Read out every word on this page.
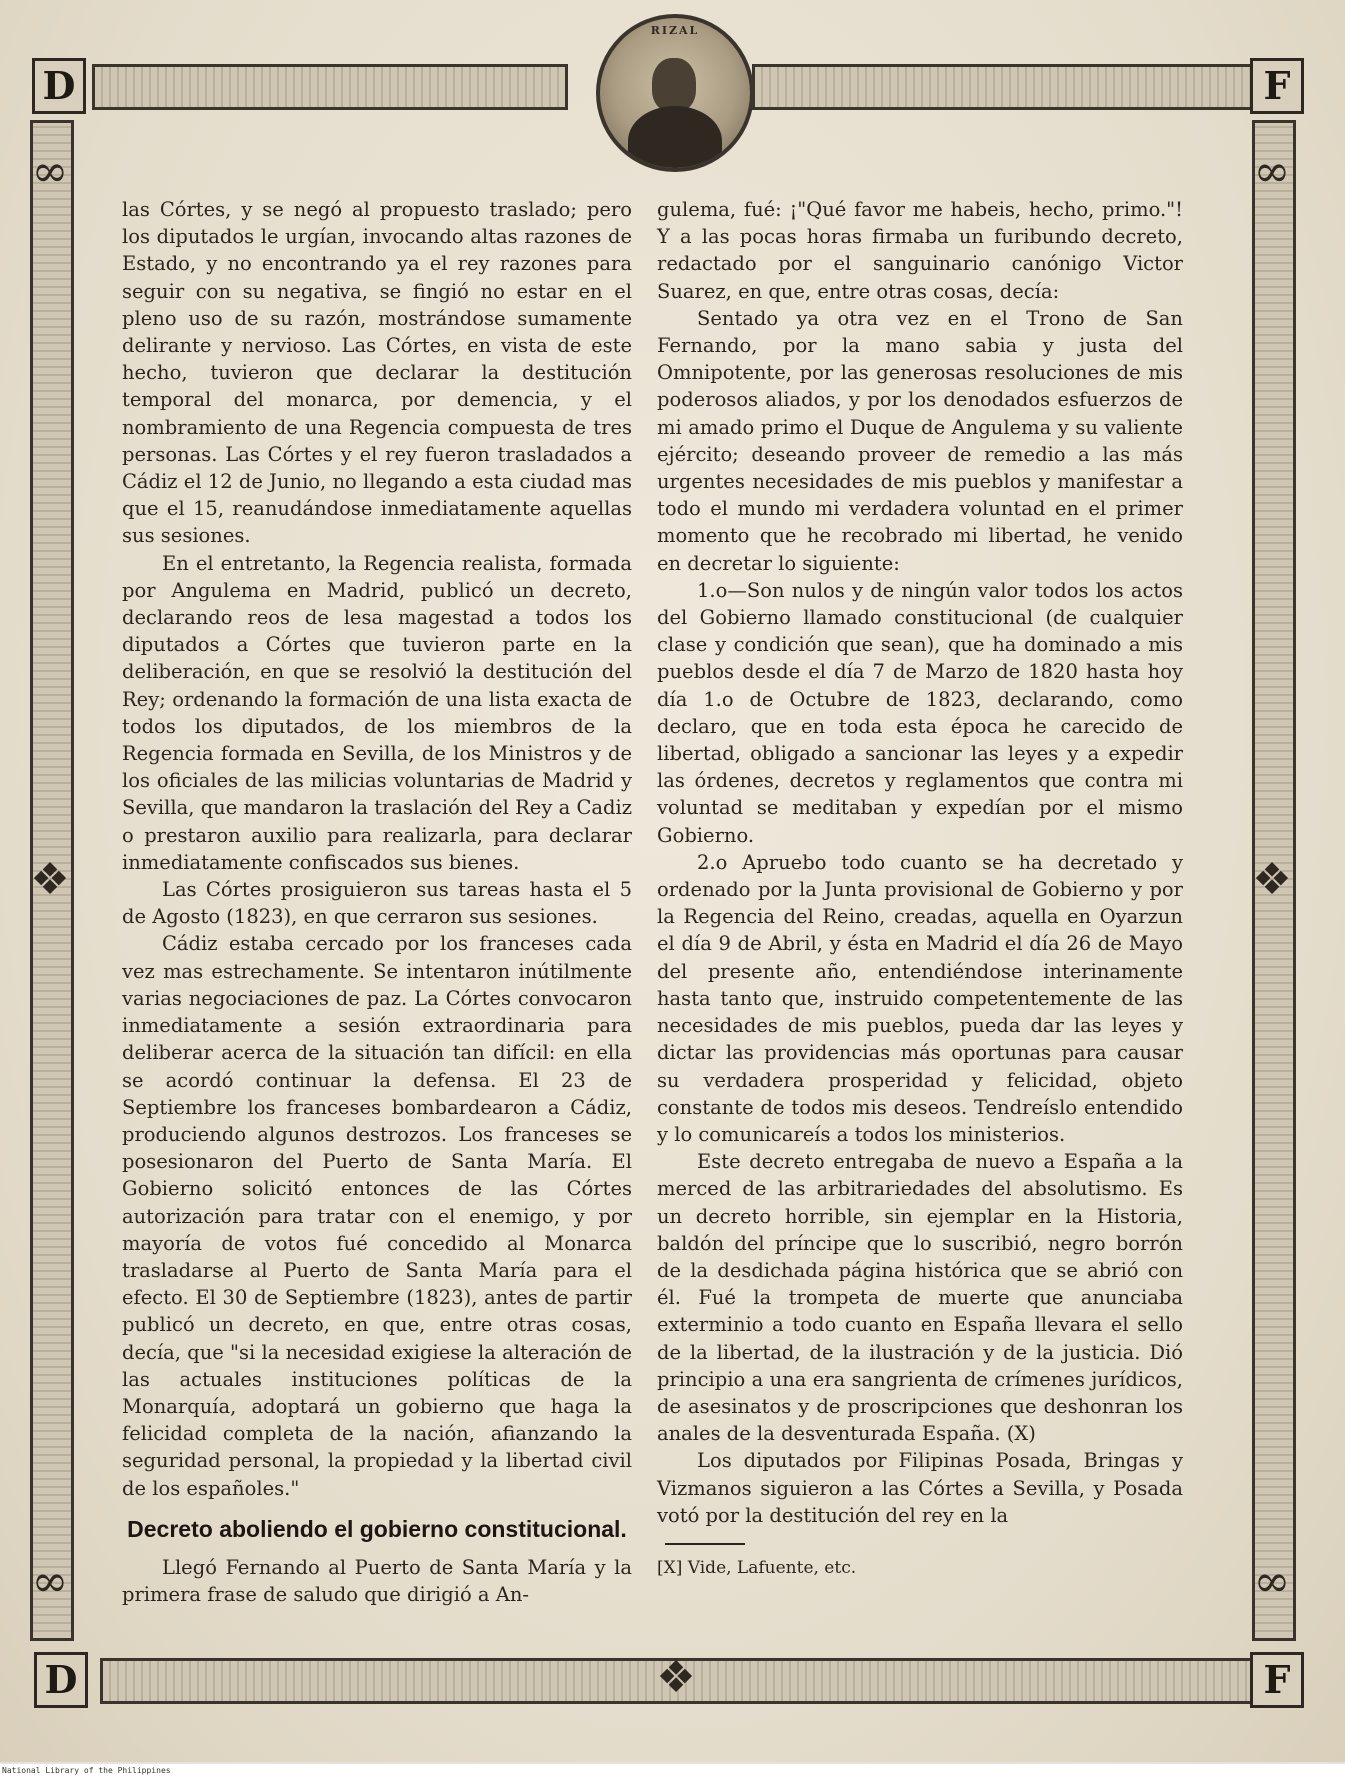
❖	❖
❖
∞	∞
∞	∞
D	F
D	F
RIZAL

las Córtes, y se negó al propuesto traslado; pero los diputados le urgían, invocando altas razones de Estado, y no encontrando ya el rey razones para seguir con su negativa, se fingió no estar en el pleno uso de su razón, mostrándose sumamente delirante y nervioso. Las Córtes, en vista de este hecho, tuvieron que declarar la destitución temporal del monarca, por demencia, y el nombramiento de una Regencia compuesta de tres personas. Las Córtes y el rey fueron trasladados a Cádiz el 12 de Junio, no llegando a esta ciudad mas que el 15, reanudándose inmediatamente aquellas sus sesiones.

En el entretanto, la Regencia realista, formada por Angulema en Madrid, publicó un decreto, declarando reos de lesa magestad a todos los diputados a Córtes que tuvieron parte en la deliberación, en que se resolvió la destitución del Rey; ordenando la formación de una lista exacta de todos los diputados, de los miembros de la Regencia formada en Sevilla, de los Ministros y de los oficiales de las milicias voluntarias de Madrid y Sevilla, que mandaron la traslación del Rey a Cadiz o prestaron auxilio para realizarla, para declarar inmediatamente confiscados sus bienes.

Las Córtes prosiguieron sus tareas hasta el 5 de Agosto (1823), en que cerraron sus sesiones.

Cádiz estaba cercado por los franceses cada vez mas estrechamente. Se intentaron inútilmente varias negociaciones de paz. La Córtes convocaron inmediatamente a sesión extraordinaria para deliberar acerca de la situación tan difícil: en ella se acordó continuar la defensa. El 23 de Septiembre los franceses bombardearon a Cádiz, produciendo algunos destrozos. Los franceses se posesionaron del Puerto de Santa María. El Gobierno solicitó entonces de las Córtes autorización para tratar con el enemigo, y por mayoría de votos fué concedido al Monarca trasladarse al Puerto de Santa María para el efecto. El 30 de Septiembre (1823), antes de partir publicó un decreto, en que, entre otras cosas, decía, que "si la necesidad exigiese la alteración de las actuales instituciones políticas de la Monarquía, adoptará un gobierno que haga la felicidad completa de la nación, afianzando la seguridad personal, la propiedad y la libertad civil de los españoles."

Decreto aboliendo el gobierno constitucional.

Llegó Fernando al Puerto de Santa María y la primera frase de saludo que dirigió a An-

gulema, fué: ¡"Qué favor me habeis, hecho, primo."! Y a las pocas horas firmaba un furibundo decreto, redactado por el sanguinario canónigo Victor Suarez, en que, entre otras cosas, decía:

Sentado ya otra vez en el Trono de San Fernando, por la mano sabia y justa del Omnipotente, por las generosas resoluciones de mis poderosos aliados, y por los denodados esfuerzos de mi amado primo el Duque de Angulema y su valiente ejército; deseando proveer de remedio a las más urgentes necesidades de mis pueblos y manifestar a todo el mundo mi verdadera voluntad en el primer momento que he recobrado mi libertad, he venido en decretar lo siguiente:

1.o—Son nulos y de ningún valor todos los actos del Gobierno llamado constitucional (de cualquier clase y condición que sean), que ha dominado a mis pueblos desde el día 7 de Marzo de 1820 hasta hoy día 1.o de Octubre de 1823, declarando, como declaro, que en toda esta época he carecido de libertad, obligado a sancionar las leyes y a expedir las órdenes, decretos y reglamentos que contra mi voluntad se meditaban y expedían por el mismo Gobierno.

2.o Apruebo todo cuanto se ha decretado y ordenado por la Junta provisional de Gobierno y por la Regencia del Reino, creadas, aquella en Oyarzun el día 9 de Abril, y ésta en Madrid el día 26 de Mayo del presente año, entendiéndose interinamente hasta tanto que, instruido competentemente de las necesidades de mis pueblos, pueda dar las leyes y dictar las providencias más oportunas para causar su verdadera prosperidad y felicidad, objeto constante de todos mis deseos. Tendreíslo entendido y lo comunicareís a todos los ministerios.

Este decreto entregaba de nuevo a España a la merced de las arbitrariedades del absolutismo. Es un decreto horrible, sin ejemplar en la Historia, baldón del príncipe que lo suscribió, negro borrón de la desdichada página histórica que se abrió con él. Fué la trompeta de muerte que anunciaba exterminio a todo cuanto en España llevara el sello de la libertad, de la ilustración y de la justicia. Dió principio a una era sangrienta de crímenes jurídicos, de asesinatos y de proscripciones que deshonran los anales de la desventurada España. (X)

Los diputados por Filipinas Posada, Bringas y Vizmanos siguieron a las Córtes a Sevilla, y Posada votó por la destitución del rey en la

[X] Vide, Lafuente, etc.

National Library of the Philippines
